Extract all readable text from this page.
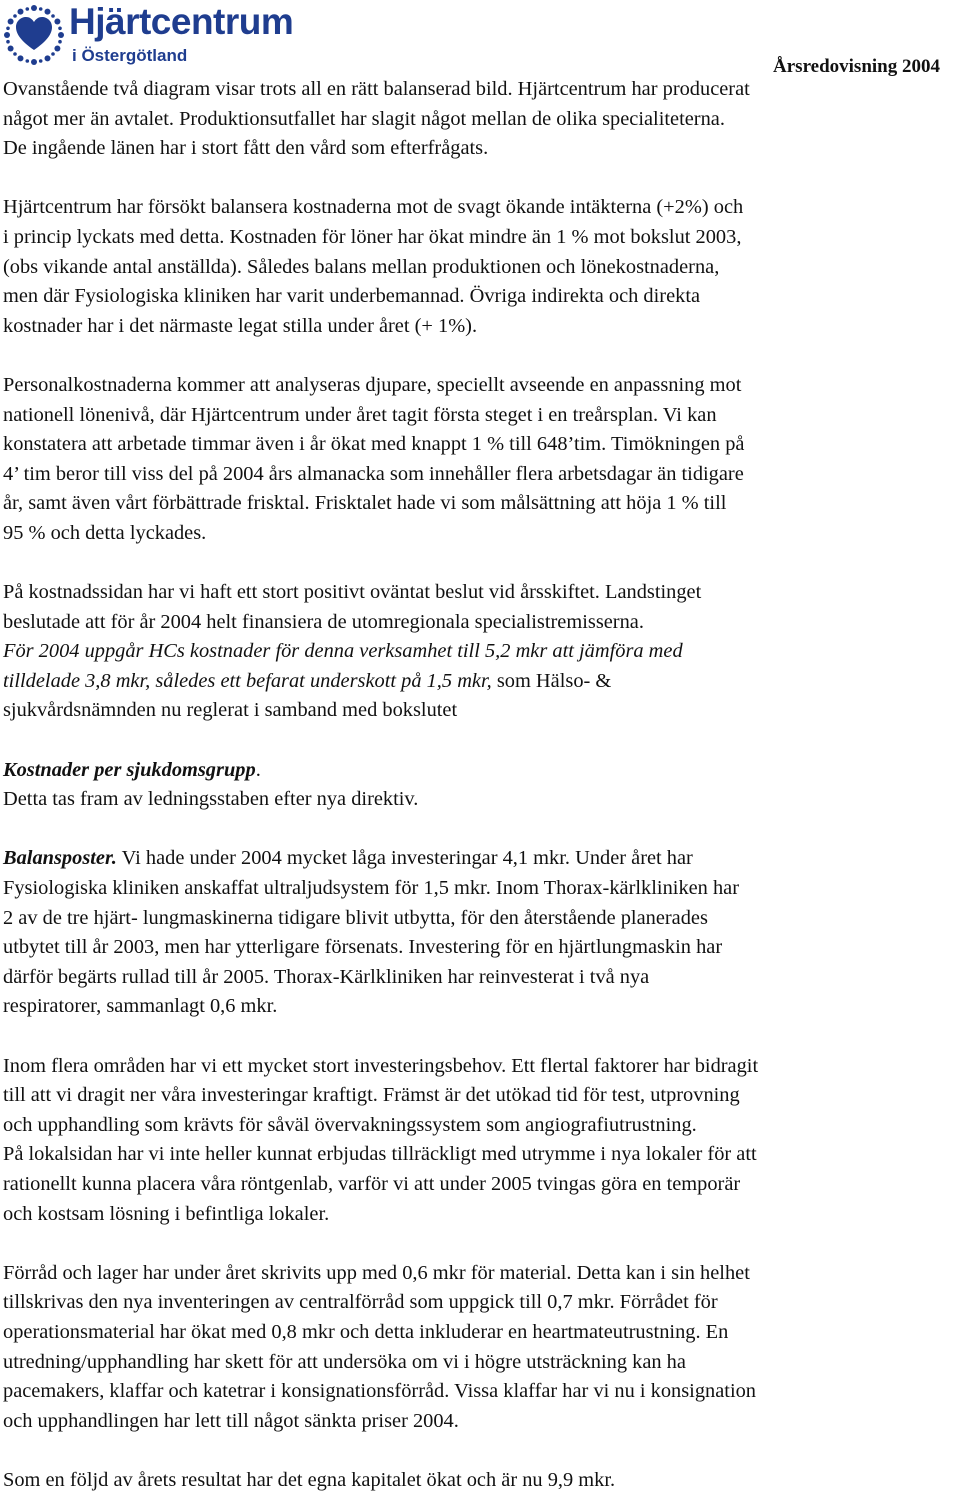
Hjärtcentrum
i Östergötland
Årsredovisning 2004

Ovanstående två diagram visar trots all en rätt balanserad bild. Hjärtcentrum har producerat
något mer än avtalet. Produktionsutfallet har slagit något mellan de olika specialiteterna.
De ingående länen har i stort fått den vård som efterfrågats.

Hjärtcentrum har försökt balansera kostnaderna mot de svagt ökande intäkterna (+2%) och
i princip lyckats med detta. Kostnaden för löner har ökat mindre än 1 % mot bokslut 2003,
(obs vikande antal anställda). Således balans mellan produktionen och lönekostnaderna,
men där Fysiologiska kliniken har varit underbemannad. Övriga indirekta och direkta
kostnader har i det närmaste legat stilla under året (+ 1%).

Personalkostnaderna kommer att analyseras djupare, speciellt avseende en anpassning mot
nationell lönenivå, där Hjärtcentrum under året tagit första steget i en treårsplan. Vi kan
konstatera att arbetade timmar även i år ökat med knappt 1 % till 648’tim. Timökningen på
4’ tim beror till viss del på 2004 års almanacka som innehåller flera arbetsdagar än tidigare
år, samt även vårt förbättrade frisktal. Frisktalet hade vi som målsättning att höja 1 % till
95 % och detta lyckades.

På kostnadssidan har vi haft ett stort positivt oväntat beslut vid årsskiftet. Landstinget
beslutade att för år 2004 helt finansiera de utomregionala specialistremisserna.
För 2004 uppgår HCs kostnader för denna verksamhet till 5,2 mkr att jämföra med
tilldelade 3,8 mkr, således ett befarat underskott på 1,5 mkr, som Hälso- &
sjukvårdsnämnden nu reglerat i samband med bokslutet

Kostnader per sjukdomsgrupp.
Detta tas fram av ledningsstaben efter nya direktiv.

Balansposter. Vi hade under 2004 mycket låga investeringar 4,1 mkr. Under året har
Fysiologiska kliniken anskaffat ultraljudsystem för 1,5 mkr. Inom Thorax-kärlkliniken har
2 av de tre hjärt- lungmaskinerna tidigare blivit utbytta, för den återstående planerades
utbytet till år 2003, men har ytterligare försenats. Investering för en hjärtlungmaskin har
därför begärts rullad till år 2005. Thorax-Kärlkliniken har reinvesterat i två nya
respiratorer, sammanlagt 0,6 mkr.

Inom flera områden har vi ett mycket stort investeringsbehov. Ett flertal faktorer har bidragit
till att vi dragit ner våra investeringar kraftigt. Främst är det utökad tid för test, utprovning
och upphandling som krävts för såväl övervakningssystem som angiografiutrustning.
På lokalsidan har vi inte heller kunnat erbjudas tillräckligt med utrymme i nya lokaler för att
rationellt kunna placera våra röntgenlab, varför vi att under 2005 tvingas göra en temporär
och kostsam lösning i befintliga lokaler.

Förråd och lager har under året skrivits upp med 0,6 mkr för material. Detta kan i sin helhet
tillskrivas den nya inventeringen av centralförråd som uppgick till 0,7 mkr. Förrådet för
operationsmaterial har ökat med 0,8 mkr och detta inkluderar en heartmateutrustning. En
utredning/upphandling har skett för att undersöka om vi i högre utsträckning kan ha
pacemakers, klaffar och katetrar i konsignationsförråd. Vissa klaffar har vi nu i konsignation
och upphandlingen har lett till något sänkta priser 2004.

Som en följd av årets resultat har det egna kapitalet ökat och är nu 9,9 mkr.
